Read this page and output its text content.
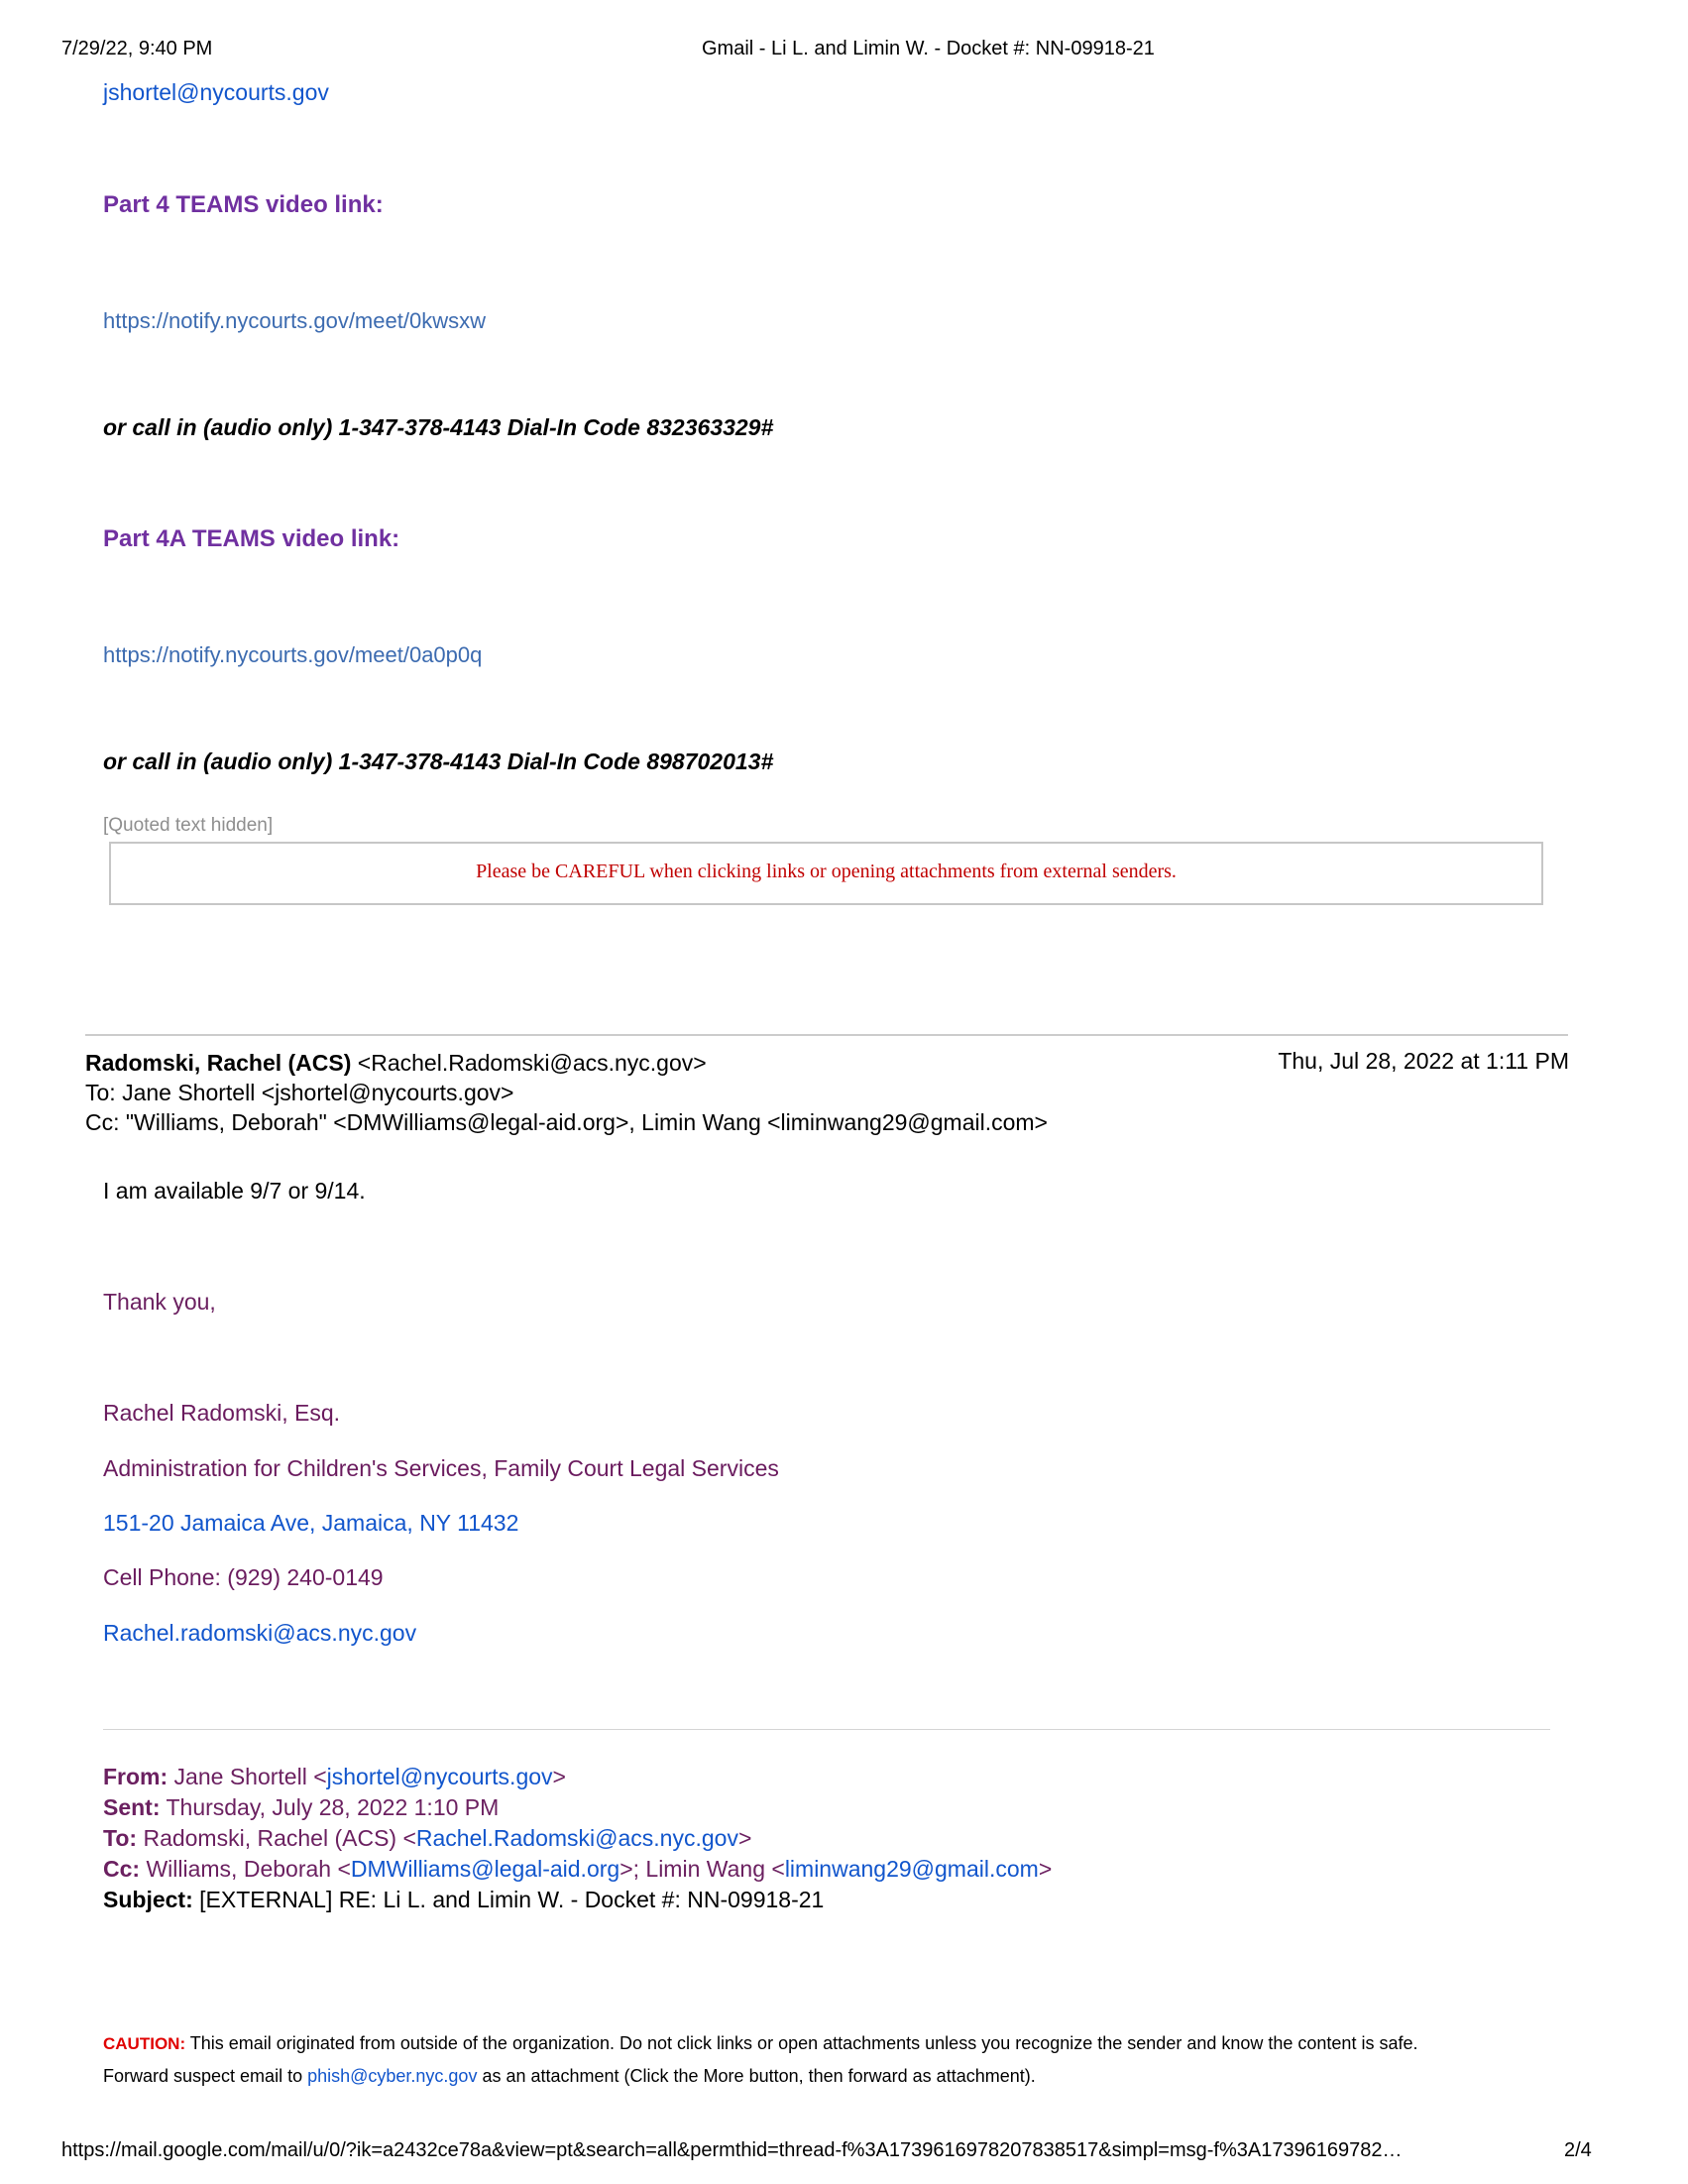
7/29/22, 9:40 PM	Gmail - Li L. and Limin W. - Docket #: NN-09918-21
jshortel@nycourts.gov
Part 4 TEAMS video link:
https://notify.nycourts.gov/meet/0kwsxw
or call in (audio only) 1-347-378-4143 Dial-In Code 832363329#
Part 4A TEAMS video link:
https://notify.nycourts.gov/meet/0a0p0q
or call in (audio only) 1-347-378-4143 Dial-In Code 898702013#
[Quoted text hidden]
Please be CAREFUL when clicking links or opening attachments from external senders.
Radomski, Rachel (ACS) <Rachel.Radomski@acs.nyc.gov>
To: Jane Shortell <jshortel@nycourts.gov>
Cc: "Williams, Deborah" <DMWilliams@legal-aid.org>, Limin Wang <liminwang29@gmail.com>
Thu, Jul 28, 2022 at 1:11 PM
I am available 9/7 or 9/14.
Thank you,
Rachel Radomski, Esq.
Administration for Children's Services, Family Court Legal Services
151-20 Jamaica Ave, Jamaica, NY 11432
Cell Phone: (929) 240-0149
Rachel.radomski@acs.nyc.gov
From: Jane Shortell <jshortel@nycourts.gov>
Sent: Thursday, July 28, 2022 1:10 PM
To: Radomski, Rachel (ACS) <Rachel.Radomski@acs.nyc.gov>
Cc: Williams, Deborah <DMWilliams@legal-aid.org>; Limin Wang <liminwang29@gmail.com>
Subject: [EXTERNAL] RE: Li L. and Limin W. - Docket #: NN-09918-21
CAUTION: This email originated from outside of the organization. Do not click links or open attachments unless you recognize the sender and know the content is safe.
Forward suspect email to phish@cyber.nyc.gov as an attachment (Click the More button, then forward as attachment).
https://mail.google.com/mail/u/0/?ik=a2432ce78a&view=pt&search=all&permthid=thread-f%3A1739616978207838517&simpl=msg-f%3A17396169782…	2/4
